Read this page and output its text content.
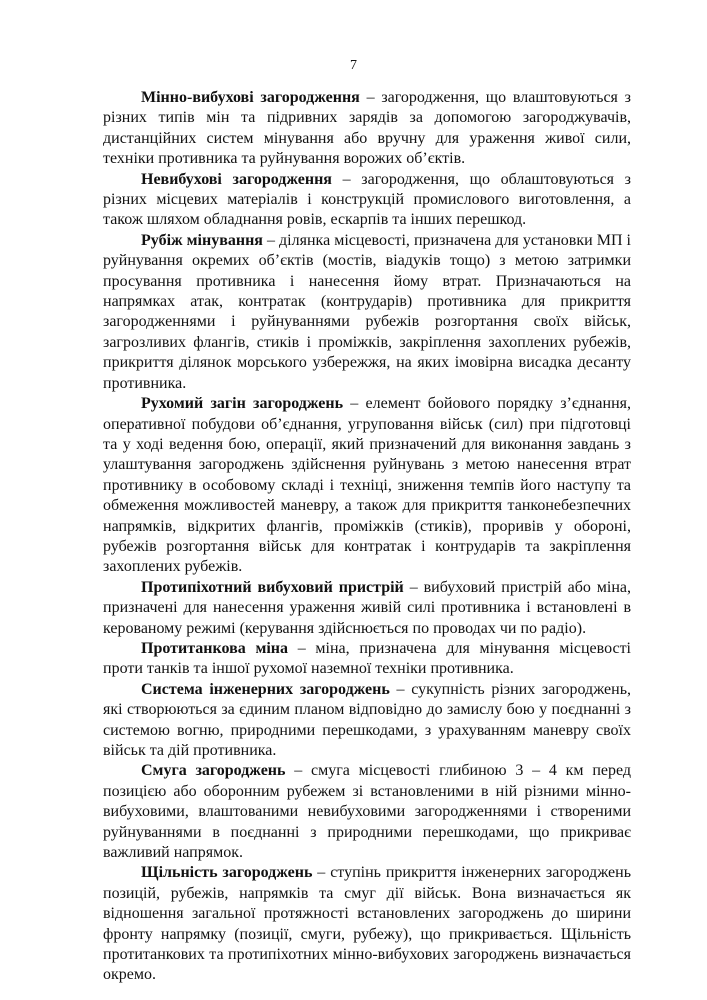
7

Мінно-вибухові загородження – загородження, що влаштовуються з різних типів мін та підривних зарядів за допомогою загороджувачів, дистанційних систем мінування або вручну для ураження живої сили, техніки противника та руйнування ворожих об’єктів.

Невибухові загородження – загородження, що облаштовуються з різних місцевих матеріалів і конструкцій промислового виготовлення, а також шляхом обладнання ровів, ескарпів та інших перешкод.

Рубіж мінування – ділянка місцевості, призначена для установки МП і руйнування окремих об’єктів (мостів, віадуків тощо) з метою затримки просування противника і нанесення йому втрат. Призначаються на напрямках атак, контратак (контрударів) противника для прикриття загородженнями і руйнуваннями рубежів розгортання своїх військ, загрозливих флангів, стиків і проміжків, закріплення захоплених рубежів, прикриття ділянок морського узбережжя, на яких імовірна висадка десанту противника.

Рухомий загін загороджень – елемент бойового порядку з’єднання, оперативної побудови об’єднання, угруповання військ (сил) при підготовці та у ході ведення бою, операції, який призначений для виконання завдань з улаштування загороджень здійснення руйнувань з метою нанесення втрат противнику в особовому складі і техніці, зниження темпів його наступу та обмеження можливостей маневру, а також для прикриття танконебезпечних напрямків, відкритих флангів, проміжків (стиків), проривів у обороні, рубежів розгортання військ для контратак і контрударів та закріплення захоплених рубежів.

Протипіхотний вибуховий пристрій – вибуховий пристрій або міна, призначені для нанесення ураження живій силі противника і встановлені в керованому режимі (керування здійснюється по проводах чи по радіо).

Протитанкова міна – міна, призначена для мінування місцевості проти танків та іншої рухомої наземної техніки противника.

Система інженерних загороджень – сукупність різних загороджень, які створюються за єдиним планом відповідно до замислу бою у поєднанні з системою вогню, природними перешкодами, з урахуванням маневру своїх військ та дій противника.

Смуга загороджень – смуга місцевості глибиною 3 – 4 км перед позицією або оборонним рубежем зі встановленими в ній різними мінно-вибуховими, влаштованими невибуховими загородженнями і створеними руйнуваннями в поєднанні з природними перешкодами, що прикриває важливий напрямок.

Щільність загороджень – ступінь прикриття інженерних загороджень позицій, рубежів, напрямків та смуг дії військ. Вона визначається як відношення загальної протяжності встановлених загороджень до ширини фронту напрямку (позиції, смуги, рубежу), що прикривається. Щільність протитанкових та протипіхотних мінно-вибухових загороджень визначається окремо.
